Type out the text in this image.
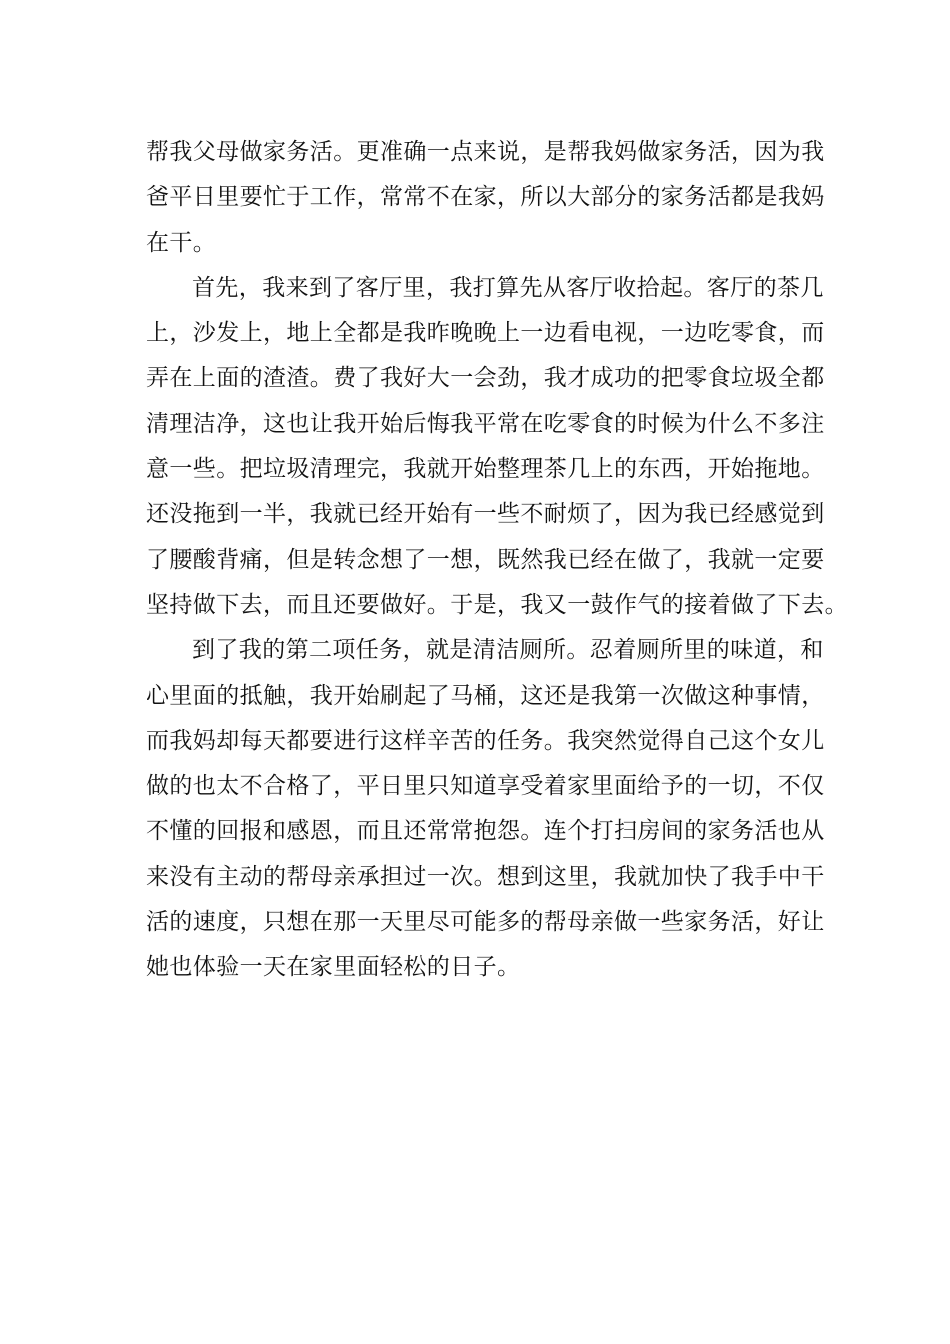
帮我父母做家务活。更准确一点来说，是帮我妈做家务活，因为我
爸平日里要忙于工作，常常不在家，所以大部分的家务活都是我妈
在干。
首先，我来到了客厅里，我打算先从客厅收拾起。客厅的茶几
上，沙发上，地上全都是我昨晚晚上一边看电视，一边吃零食，而
弄在上面的渣渣。费了我好大一会劲，我才成功的把零食垃圾全都
清理洁净，这也让我开始后悔我平常在吃零食的时候为什么不多注
意一些。把垃圾清理完，我就开始整理茶几上的东西，开始拖地。
还没拖到一半，我就已经开始有一些不耐烦了，因为我已经感觉到
了腰酸背痛，但是转念想了一想，既然我已经在做了，我就一定要
坚持做下去，而且还要做好。于是，我又一鼓作气的接着做了下去。
到了我的第二项任务，就是清洁厕所。忍着厕所里的味道，和
心里面的抵触，我开始刷起了马桶，这还是我第一次做这种事情，
而我妈却每天都要进行这样辛苦的任务。我突然觉得自己这个女儿
做的也太不合格了，平日里只知道享受着家里面给予的一切，不仅
不懂的回报和感恩，而且还常常抱怨。连个打扫房间的家务活也从
来没有主动的帮母亲承担过一次。想到这里，我就加快了我手中干
活的速度，只想在那一天里尽可能多的帮母亲做一些家务活，好让
她也体验一天在家里面轻松的日子。
